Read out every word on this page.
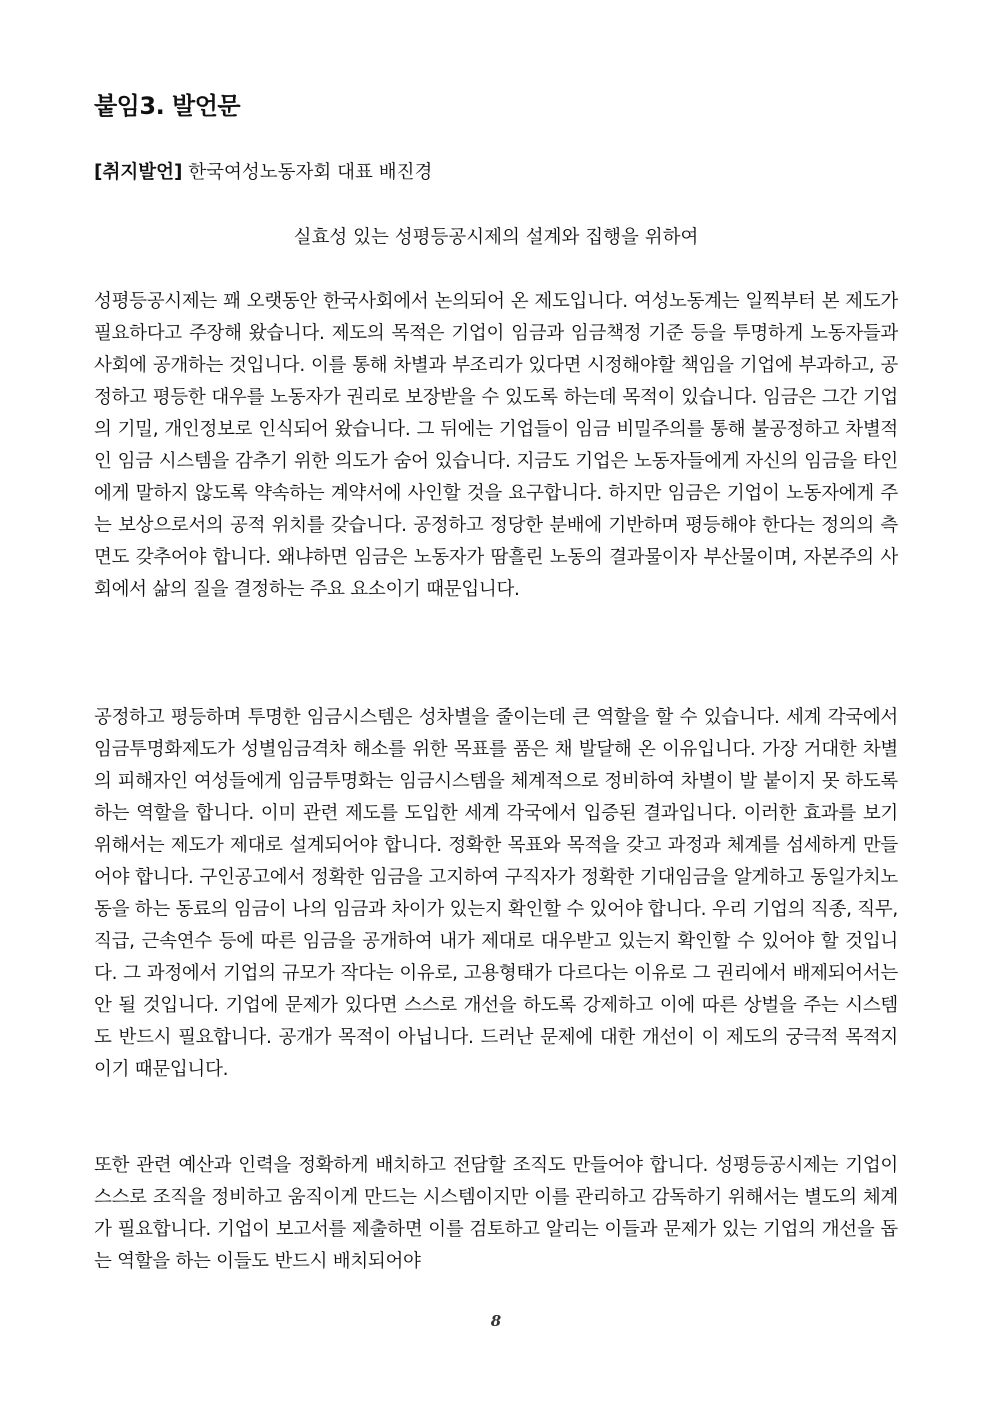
붙임3. 발언문

[취지발언] 한국여성노동자회 대표 배진경

실효성 있는 성평등공시제의 설계와 집행을 위하여

성평등공시제는 꽤 오랫동안 한국사회에서 논의되어 온 제도입니다. 여성노동계는 일찍부터 본 제도가 필요하다고 주장해 왔습니다. 제도의 목적은 기업이 임금과 임금책정 기준 등을 투명하게 노동자들과 사회에 공개하는 것입니다. 이를 통해 차별과 부조리가 있다면 시정해야할 책임을 기업에 부과하고, 공정하고 평등한 대우를 노동자가 권리로 보장받을 수 있도록 하는데 목적이 있습니다. 임금은 그간 기업의 기밀, 개인정보로 인식되어 왔습니다. 그 뒤에는 기업들이 임금 비밀주의를 통해 불공정하고 차별적인 임금 시스템을 감추기 위한 의도가 숨어 있습니다. 지금도 기업은 노동자들에게 자신의 임금을 타인에게 말하지 않도록 약속하는 계약서에 사인할 것을 요구합니다. 하지만 임금은 기업이 노동자에게 주는 보상으로서의 공적 위치를 갖습니다. 공정하고 정당한 분배에 기반하며 평등해야 한다는 정의의 측면도 갖추어야 합니다. 왜냐하면 임금은 노동자가 땀흘린 노동의 결과물이자 부산물이며, 자본주의 사회에서 삶의 질을 결정하는 주요 요소이기 때문입니다.

공정하고 평등하며 투명한 임금시스템은 성차별을 줄이는데 큰 역할을 할 수 있습니다. 세계 각국에서 임금투명화제도가 성별임금격차 해소를 위한 목표를 품은 채 발달해 온 이유입니다. 가장 거대한 차별의 피해자인 여성들에게 임금투명화는 임금시스템을 체계적으로 정비하여 차별이 발 붙이지 못 하도록 하는 역할을 합니다. 이미 관련 제도를 도입한 세계 각국에서 입증된 결과입니다. 이러한 효과를 보기 위해서는 제도가 제대로 설계되어야 합니다. 정확한 목표와 목적을 갖고 과정과 체계를 섬세하게 만들어야 합니다. 구인공고에서 정확한 임금을 고지하여 구직자가 정확한 기대임금을 알게하고 동일가치노동을 하는 동료의 임금이 나의 임금과 차이가 있는지 확인할 수 있어야 합니다. 우리 기업의 직종, 직무, 직급, 근속연수 등에 따른 임금을 공개하여 내가 제대로 대우받고 있는지 확인할 수 있어야 할 것입니다. 그 과정에서 기업의 규모가 작다는 이유로, 고용형태가 다르다는 이유로 그 권리에서 배제되어서는 안 될 것입니다. 기업에 문제가 있다면 스스로 개선을 하도록 강제하고 이에 따른 상벌을 주는 시스템도 반드시 필요합니다. 공개가 목적이 아닙니다. 드러난 문제에 대한 개선이 이 제도의 궁극적 목적지이기 때문입니다.

또한 관련 예산과 인력을 정확하게 배치하고 전담할 조직도 만들어야 합니다. 성평등공시제는 기업이 스스로 조직을 정비하고 움직이게 만드는 시스템이지만 이를 관리하고 감독하기 위해서는 별도의 체계가 필요합니다. 기업이 보고서를 제출하면 이를 검토하고 알리는 이들과 문제가 있는 기업의 개선을 돕는 역할을 하는 이들도 반드시 배치되어야

8
